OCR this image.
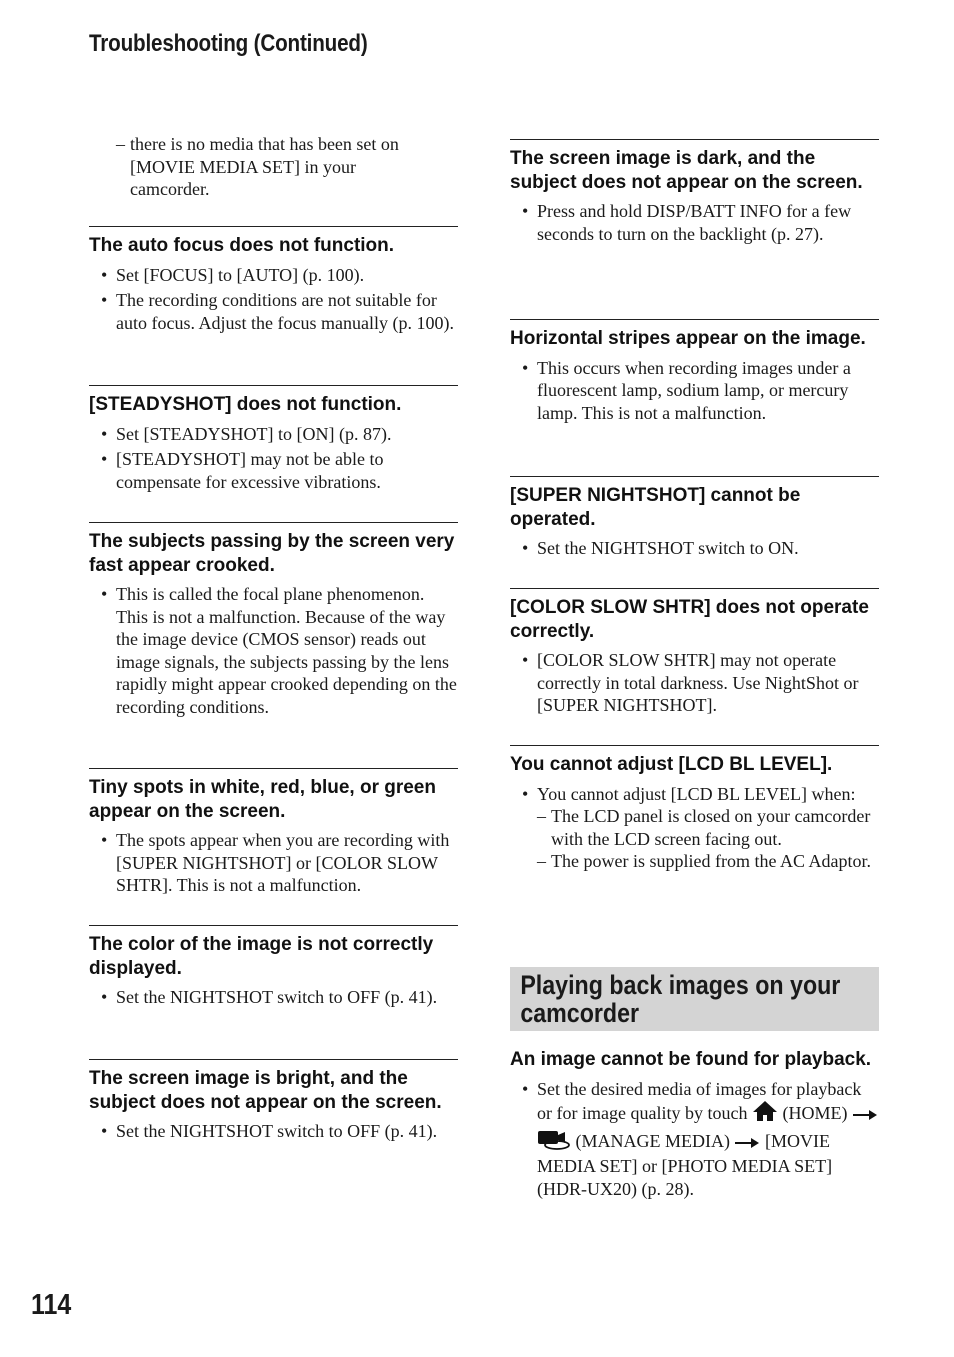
Troubleshooting (Continued)
– there is no media that has been set on [MOVIE MEDIA SET] in your camcorder.
The auto focus does not function.
• Set [FOCUS] to [AUTO] (p. 100).
• The recording conditions are not suitable for auto focus. Adjust the focus manually (p. 100).
[STEADYSHOT] does not function.
• Set [STEADYSHOT] to [ON] (p. 87).
• [STEADYSHOT] may not be able to compensate for excessive vibrations.
The subjects passing by the screen very fast appear crooked.
• This is called the focal plane phenomenon. This is not a malfunction. Because of the way the image device (CMOS sensor) reads out image signals, the subjects passing by the lens rapidly might appear crooked depending on the recording conditions.
Tiny spots in white, red, blue, or green appear on the screen.
• The spots appear when you are recording with [SUPER NIGHTSHOT] or [COLOR SLOW SHTR]. This is not a malfunction.
The color of the image is not correctly displayed.
• Set the NIGHTSHOT switch to OFF (p. 41).
The screen image is bright, and the subject does not appear on the screen.
• Set the NIGHTSHOT switch to OFF (p. 41).
The screen image is dark, and the subject does not appear on the screen.
• Press and hold DISP/BATT INFO for a few seconds to turn on the backlight (p. 27).
Horizontal stripes appear on the image.
• This occurs when recording images under a fluorescent lamp, sodium lamp, or mercury lamp. This is not a malfunction.
[SUPER NIGHTSHOT] cannot be operated.
• Set the NIGHTSHOT switch to ON.
[COLOR SLOW SHTR] does not operate correctly.
• [COLOR SLOW SHTR] may not operate correctly in total darkness. Use NightShot or [SUPER NIGHTSHOT].
You cannot adjust [LCD BL LEVEL].
• You cannot adjust [LCD BL LEVEL] when:
– The LCD panel is closed on your camcorder with the LCD screen facing out.
– The power is supplied from the AC Adaptor.
Playing back images on your camcorder
An image cannot be found for playback.
• Set the desired media of images for playback or for image quality by touch  (HOME)   (MANAGE MEDIA) [MOVIE MEDIA SET] or [PHOTO MEDIA SET] (HDR-UX20) (p. 28).
114
